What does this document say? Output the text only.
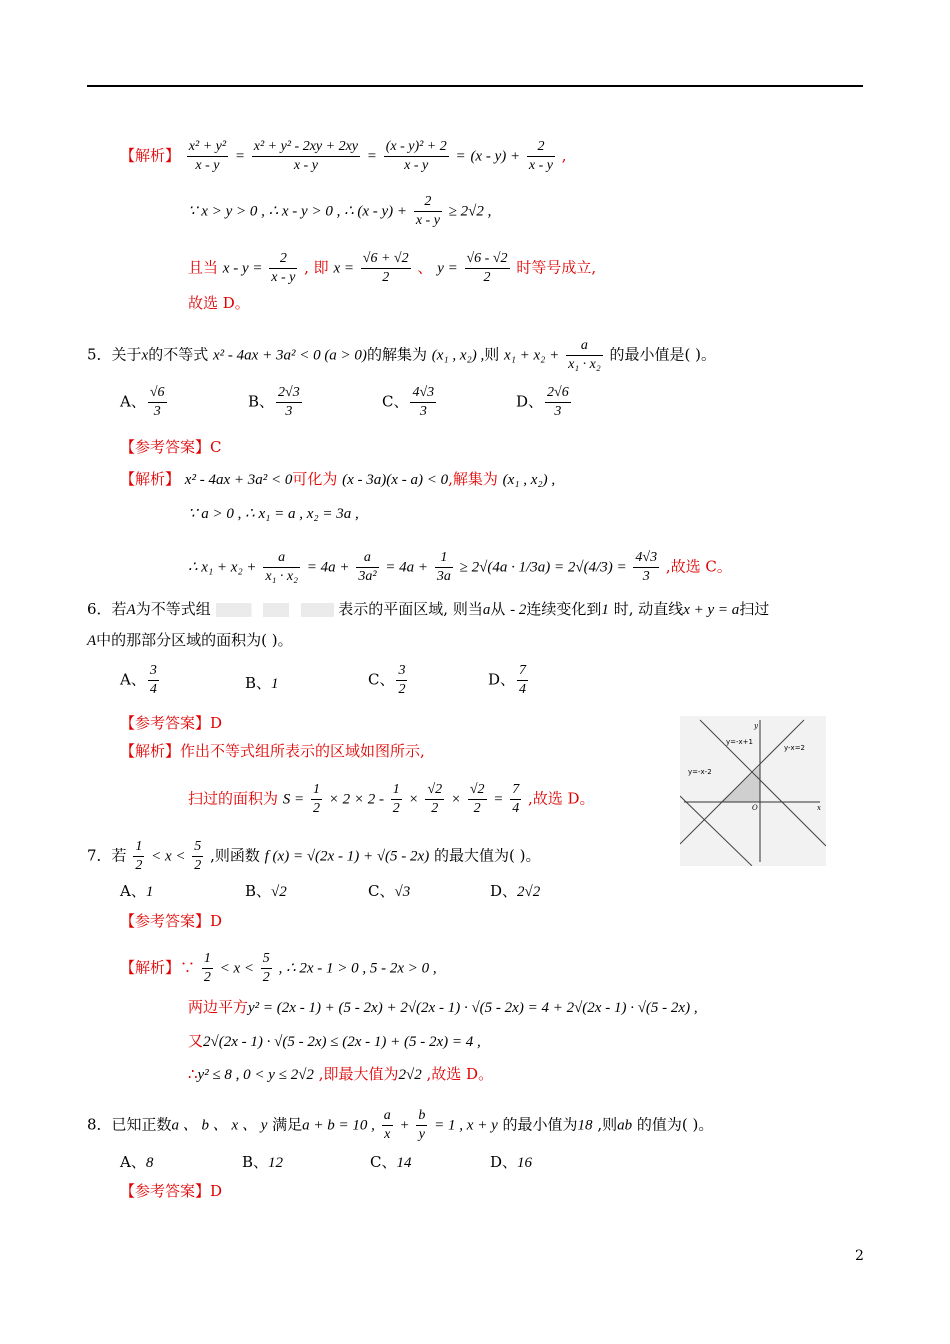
【解析】 $\frac{\text{x² + y²}}{x - y} = \frac{\text{x² + y² - 2xy + 2xy}}{x - y} = \frac{\text{(x - y)² + 2}}{x - y} = (x - y) + \frac{2}{x - y}$ ,
∵ x > y > 0 , ∴ x - y > 0 , ∴ $(x - y) + \frac{2}{x - y} \ge 2√2$ ,
且当 $x - y = \frac{2}{x - y}$ , 即 $x = \frac{√6 + √2}{2}$ 、 $y = \frac{√6 - √2}{2}$ 时等号成立,
故选 D。
5．关于x的不等式 x² - 4ax + 3a² < 0 (a > 0)的解集为 (x₁ , x₂) ,则 $x_1 + x_2 + \frac{a}{\text{x₁ · x₂}}$ 的最小值是( )。
A、 $\frac{√6}{3}$	B、 $\frac{2√3}{3}$	C、 $\frac{4√3}{3}$	D、 $\frac{2√6}{3}$
【参考答案】C
【解析】 x² - 4ax + 3a² < 0可化为 (x - 3a)(x - a) < 0,解集为 (x₁ , x₂) ,
∵ a > 0 , ∴ x₁ = a , x₂ = 3a ,
∴ $x_1 + x_2 + \frac{a}{\text{x₁ · x₂}} = 4a + \frac{a}{\text{3a²}} = 4a + \frac{1}{3a} \ge 2√(4a \cdot 1/3a) = 2√(4/3) = \frac{4√3}{3}$ ,故选 C。
6．若A为不等式组	表示的平面区域, 则当a从 - 2连续变化到1 时, 动直线x + y = a扫过
A中的那部分区域的面积为( )。
A、 $\frac{3}{4}$	B、1	C、 $\frac{3}{2}$	D、 $\frac{7}{4}$
【参考答案】D
【解析】作出不等式组所表示的区域如图所示,
扫过的面积为 $S = \frac{1}{2} \times 2 \times 2 - \frac{1}{2} \times \frac{√2}{2} \times \frac{√2}{2} = \frac{7}{4}$ ,故选 D。
y=-x+1
y-x=2
y=-x-2
O	x
y
7．若 $\frac{1}{2} < x < \frac{5}{2}$ ,则函数 f (x) = √(2x - 1) + √(5 - 2x) 的最大值为( )。
A、1	B、√2	C、√3	D、2√2
【参考答案】D
【解析】∵ $\frac{1}{2} < x < \frac{5}{2}$ , ∴ 2x - 1 > 0 , 5 - 2x > 0 ,
两边平方y² = (2x - 1) + (5 - 2x) + 2√(2x - 1) · √(5 - 2x) = 4 + 2√(2x - 1) · √(5 - 2x) ,
又2√(2x - 1) · √(5 - 2x) ≤ (2x - 1) + (5 - 2x) = 4 ,
∴y² ≤ 8 , 0 < y ≤ 2√2 ,即最大值为2√2 ,故选 D。
8．已知正数a 、 b 、 x 、 y 满足a + b = 10 , $\frac{a}{x} + \frac{b}{y} = 1$ , x + y 的最小值为18 ,则ab 的值为( )。
A、8	B、12	C、14	D、16
【参考答案】D
2
